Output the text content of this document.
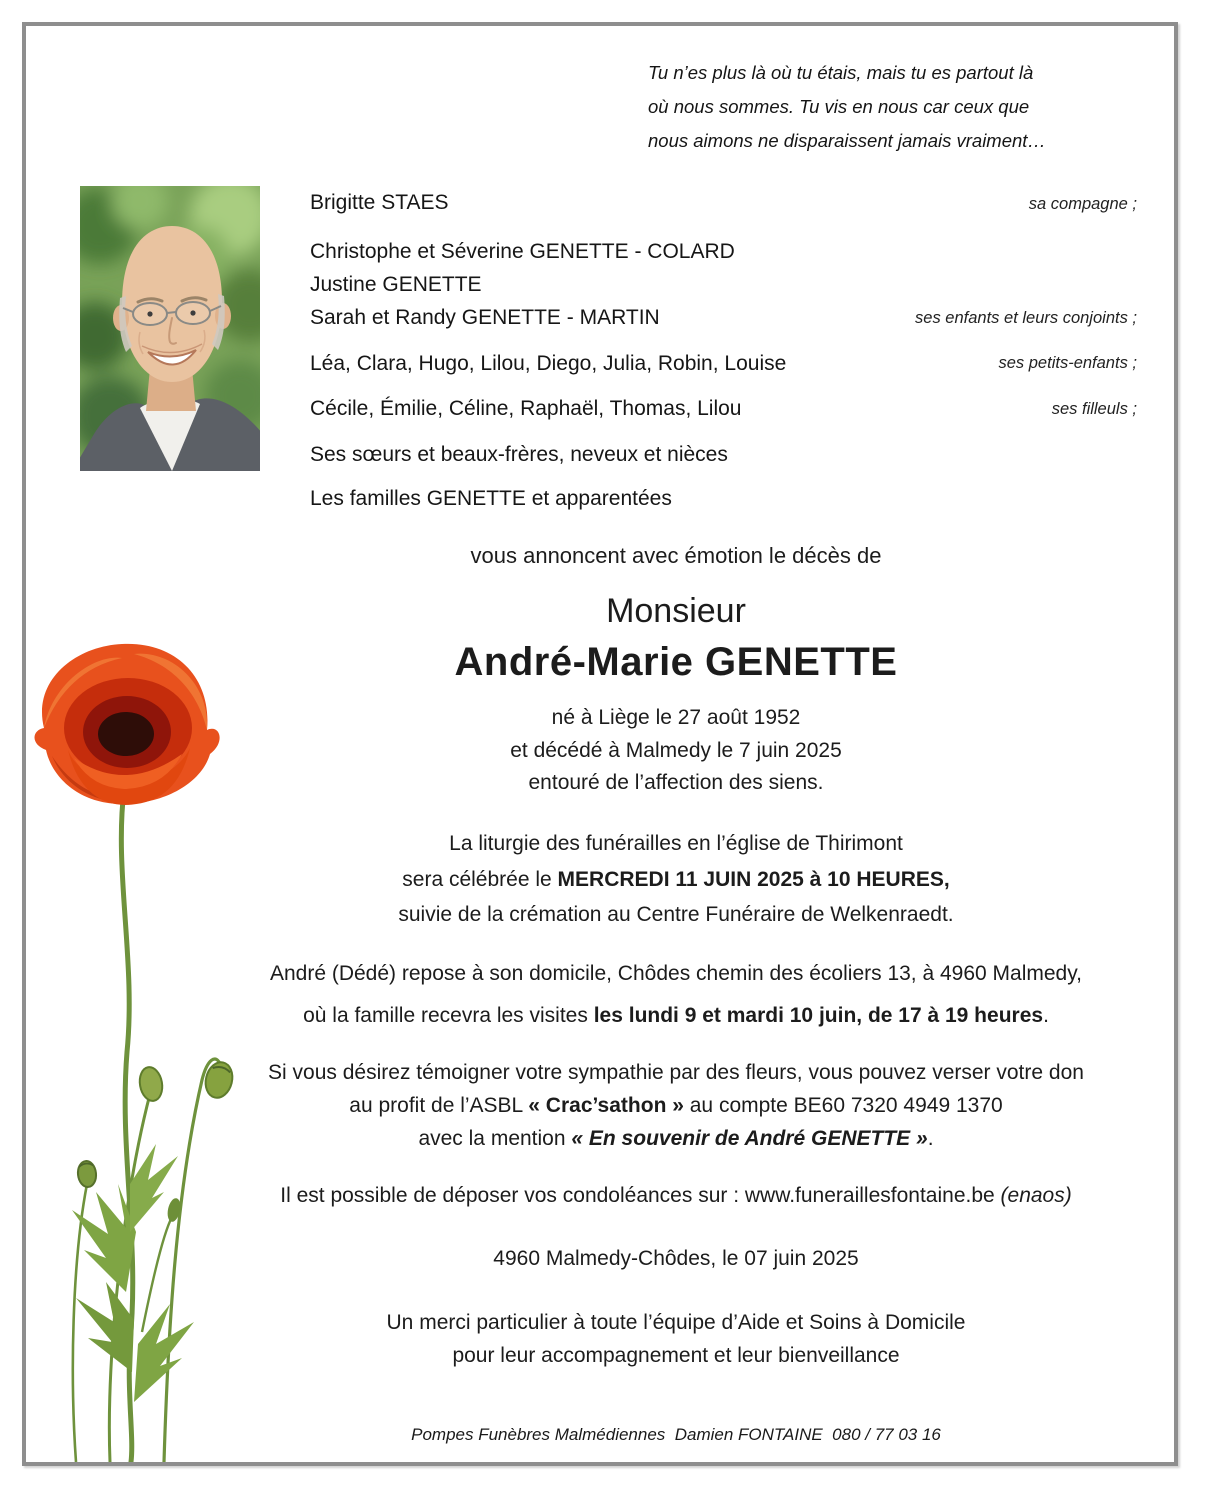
Tu n’es plus là où tu étais, mais tu es partout là
où nous sommes. Tu vis en nous car ceux que
nous aimons ne disparaissent jamais vraiment…
Brigitte STAES
Christophe et Séverine GENETTE - COLARD
Justine GENETTE
Sarah et Randy GENETTE - MARTIN
Léa, Clara, Hugo, Lilou, Diego, Julia, Robin, Louise
Cécile, Émilie, Céline, Raphaël, Thomas, Lilou
Ses sœurs et beaux-frères, neveux et nièces
Les familles GENETTE et apparentées
sa compagne ;
ses enfants et leurs conjoints ;
ses petits-enfants ;
ses filleuls ;
vous annoncent avec émotion le décès de
Monsieur
André-Marie GENETTE
né à Liège le 27 août 1952
et décédé à Malmedy le 7 juin 2025
entouré de l’affection des siens.
La liturgie des funérailles en l’église de Thirimont
sera célébrée le MERCREDI 11 JUIN 2025 à 10 HEURES,
suivie de la crémation au Centre Funéraire de Welkenraedt.
André (Dédé) repose à son domicile, Chôdes chemin des écoliers 13, à 4960 Malmedy,
où la famille recevra les visites les lundi 9 et mardi 10 juin, de 17 à 19 heures.
Si vous désirez témoigner votre sympathie par des fleurs, vous pouvez verser votre don
au profit de l’ASBL « Crac’sathon » au compte BE60 7320 4949 1370
avec la mention « En souvenir de André GENETTE ».
Il est possible de déposer vos condoléances sur : www.funeraillesfontaine.be (enaos)
4960 Malmedy-Chôdes, le 07 juin 2025
Un merci particulier à toute l’équipe d’Aide et Soins à Domicile
pour leur accompagnement et leur bienveillance
Pompes Funèbres Malmédiennes  Damien FONTAINE  080 / 77 03 16
